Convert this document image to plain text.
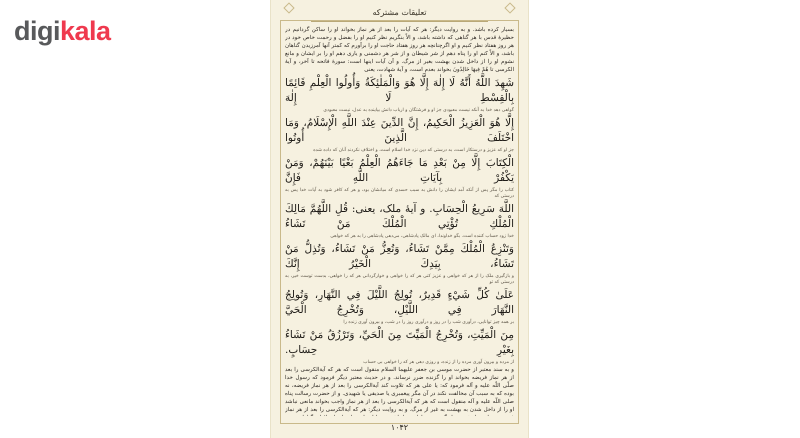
digikala
تعلیقات مشترکه

بسیار کرده باشد. و به روایت دیگر: هر که آیات را بعد از هر نماز بخواند او را ساکن گردانیم در حظیرهٔ قدس با هر گناهی که داشته باشد، و الاّ بنگریم نظر کنیم او را بفضل و رحمت خاص خود در هر روز هفتاد نظر کنیم و او اگرچنانچه هر روز هفتاد حاجت او را برآورم که کمتر آنها آمرزیدن گناهان باشد، و الاّ کنم او را پناه دهم از شر شیطان و از شر هر دشمنی و یاری دهم او را بر ایشان و مانع نشوم او را از داخل شدن بهشت بغیر از مرگ. و آن آیات اینها است: سورهٔ فاتحه تا آخر، و آیهٔ الکرسی تا هُمْ فِيهَا خَالِدُونَ بخواند بعدم است، و آیهٔ شهادت، یعنی

شَهِدَ اللَّهُ أَنَّهُ لَا إِلٰهَ إِلَّا هُوَ وَالْمَلٰئِكَةُ وَأُولُوا الْعِلْمِ قَائِمًا بِالْقِسْطِ لَا إِلٰهَ

گواهی دهد خدا به آنکه نیست معبودی جز او و فرشتگان و ارباب دانش بپاینده به عدل، نیست معبودی

إِلَّا هُوَ الْعَزِيزُ الْحَكِيمُ، إِنَّ الدِّينَ عِنْدَ اللَّهِ الْإِسْلَامُ، وَمَا اخْتَلَفَ الَّذِينَ أُوتُوا

جز او که عزیز و درستکار است، به درستی که دین نزد خدا اسلام است، و اختلاف نکردند آنان که داده شده

الْكِتَابَ إِلَّا مِنْ بَعْدِ مَا جَاءَهُمُ الْعِلْمُ بَغْيًا بَيْنَهُمْ، وَمَنْ يَكْفُرْ بِآيَاتِ اللَّهِ فَإِنَّ

کتاب را مگر پس از آنکه آمد ایشان را دانش به سبب حسدی که میانشان بود، و هر که کافر شود به آیات خدا پس به درستی که

اللَّهَ سَرِيعُ الْحِسَابِ. و آیهٔ ملک، یعنی: قُلِ اللَّهُمَّ مَالِكَ الْمُلْكِ تُؤْتِي الْمُلْكَ مَنْ تَشَاءُ

خدا زود حساب کننده است. بگو خداوندا، ای مالک پادشاهی، می‌دهی پادشاهی را به هر که خواهی

وَتَنْزِعُ الْمُلْكَ مِمَّنْ تَشَاءُ، وَتُعِزُّ مَنْ تَشَاءُ، وَتُذِلُّ مَنْ تَشَاءُ، بِيَدِكَ الْخَيْرُ إِنَّكَ

و بازگیری ملک را از هر که خواهی و عزیز کنی هر که را خواهی و خوارگردانی هر که را خواهی، بدست توست خیر، به درستی که تو

عَلَىٰ كُلِّ شَيْءٍ قَدِيرٌ، تُولِجُ اللَّيْلَ فِي النَّهَارِ، وَتُولِجُ النَّهَارَ فِي اللَّيْلِ، وَتُخْرِجُ الْحَيَّ

بر همه چیز توانایی، درآوری شب را در روز و درآوری روز را در شب، و بیرون آوری زنده را

مِنَ الْمَيِّتِ، وَتُخْرِجُ الْمَيِّتَ مِنَ الْحَيِّ، وَتَرْزُقُ مَنْ تَشَاءُ بِغَيْرِ حِسَابٍ.

از مرده و بیرون آوری مرده را از زنده، و روزی دهی هر که را خواهی بی حساب

و به سند معتبر از حضرت موسی بن جعفر علیهما السلام منقول است که هر که آیةالکرسی را بعد از هر نماز فریضه بخواند او را گزنده ضرر نرساند. و در حدیث معتبر دیگر فرمود که رسول خدا صلّی اللّه علیه و آله فرمود که: یا علی هر که تلاوت کند آیةالکرسی را بعد از هر نماز فریضه، نه بوده که به سبب آن مخالفت نکند در آن مگر پیغمبری یا صدیقی یا شهیدی. و از حضرت رسالت پناه صلی اللّه علیه و آله منقول است که هر که آیةالکرسی را بعد از هر نماز واجب بخواند مانعی نباشد او را از داخل شدن به بهشت به غیر از مرگ. و به روایت دیگر: هر که آیةالکرسی را بعد از هر نماز

۱۰۴۲
